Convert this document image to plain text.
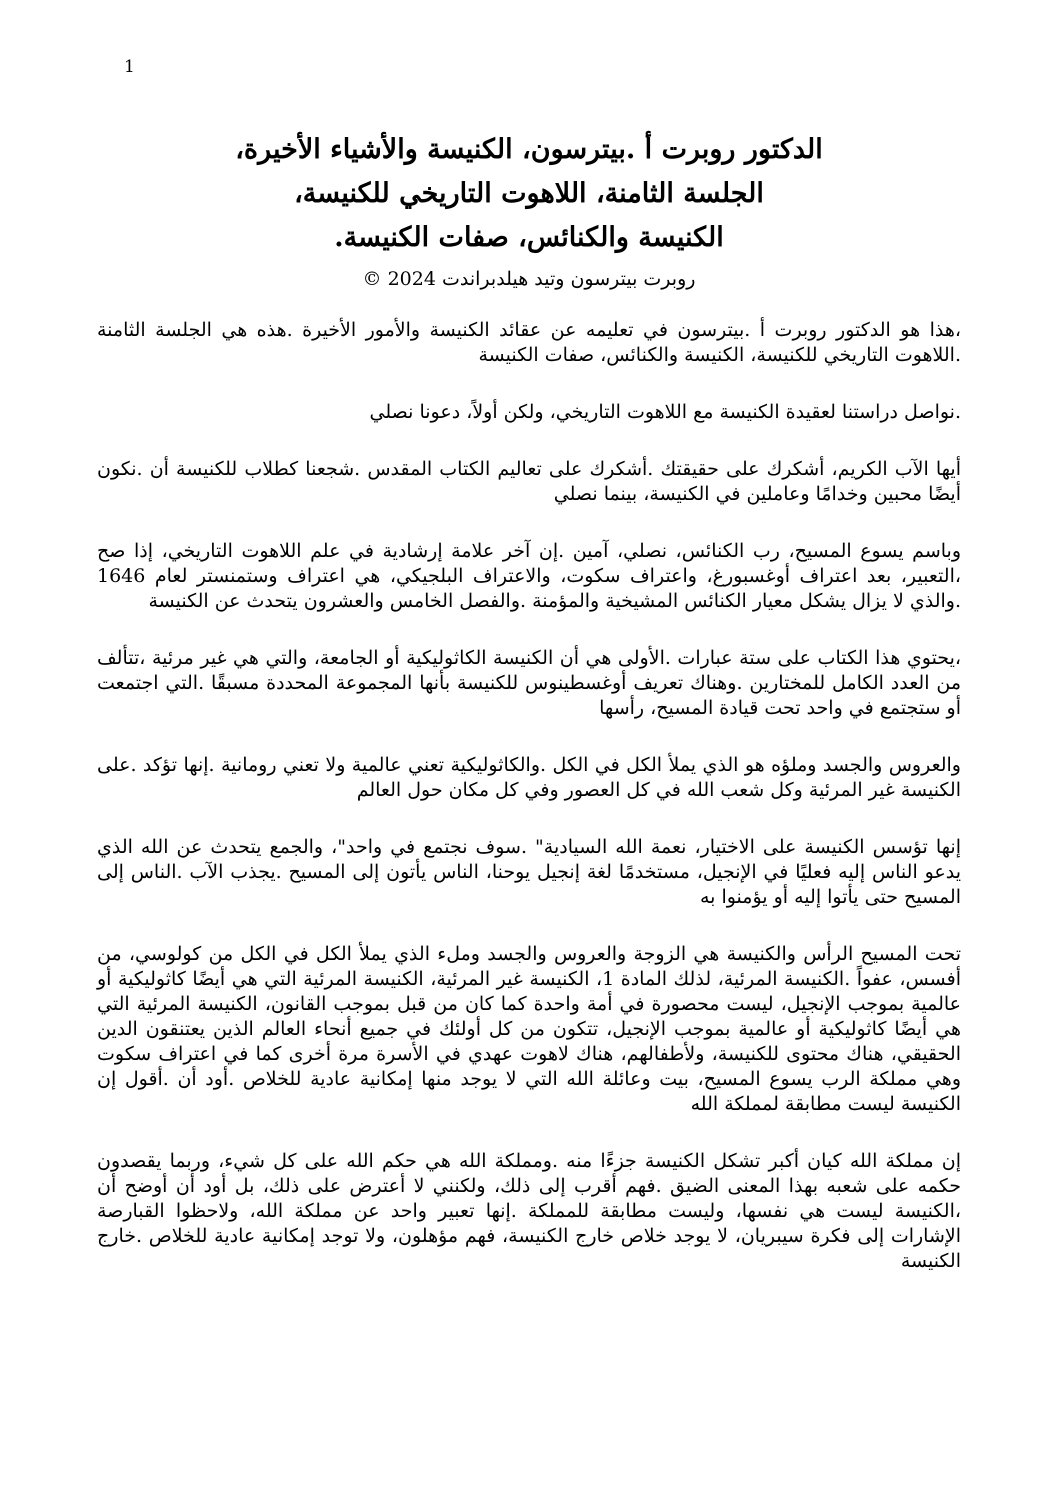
1
الدكتور روبرت أ .بيترسون، الكنيسة والأشياء الأخيرة،
الجلسة الثامنة، اللاهوت التاريخي للكنيسة،
الكنيسة والكنائس، صفات الكنيسة.
روبرت بيترسون وتيد هيلدبراندت 2024 ©

،هذا هو الدكتور روبرت أ .بيترسون في تعليمه عن عقائد الكنيسة والأمور الأخيرة .هذه هي الجلسة الثامنة .اللاهوت التاريخي للكنيسة، الكنيسة والكنائس، صفات الكنيسة

.نواصل دراستنا لعقيدة الكنيسة مع اللاهوت التاريخي، ولكن أولاً، دعونا نصلي

أيها الآب الكريم، أشكرك على حقيقتك .أشكرك على تعاليم الكتاب المقدس .شجعنا كطلاب للكنيسة أن .نكون أيضًا محبين وخدامًا وعاملين في الكنيسة، بينما نصلي

وباسم يسوع المسيح، رب الكنائس، نصلي، آمين .إن آخر علامة إرشادية في علم اللاهوت التاريخي، إذا صح ،التعبير، بعد اعتراف أوغسبورغ، واعتراف سكوت، والاعتراف البلجيكي، هي اعتراف وستمنستر لعام 1646 .والذي لا يزال يشكل معيار الكنائس المشيخية والمؤمنة .والفصل الخامس والعشرون يتحدث عن الكنيسة

،يحتوي هذا الكتاب على ستة عبارات .الأولى هي أن الكنيسة الكاثوليكية أو الجامعة، والتي هي غير مرئية ،تتألف من العدد الكامل للمختارين .وهناك تعريف أوغسطينوس للكنيسة بأنها المجموعة المحددة مسبقًا .التي اجتمعت أو ستجتمع في واحد تحت قيادة المسيح، رأسها

والعروس والجسد وملؤه هو الذي يملأ الكل في الكل .والكاثوليكية تعني عالمية ولا تعني رومانية .إنها تؤكد .على الكنيسة غير المرئية وكل شعب الله في كل العصور وفي كل مكان حول العالم

إنها تؤسس الكنيسة على الاختيار، نعمة الله السيادية" .سوف نجتمع في واحد"، والجمع يتحدث عن الله الذي يدعو الناس إليه فعليًا في الإنجيل، مستخدمًا لغة إنجيل يوحنا، الناس يأتون إلى المسيح .يجذب الآب .الناس إلى المسيح حتى يأتوا إليه أو يؤمنوا به

تحت المسيح الرأس والكنيسة هي الزوجة والعروس والجسد وملء الذي يملأ الكل في الكل من كولوسي، من أفسس، عفواً .الكنيسة المرئية، لذلك المادة 1، الكنيسة غير المرئية، الكنيسة المرئية التي هي أيضًا كاثوليكية أو عالمية بموجب الإنجيل، ليست محصورة في أمة واحدة كما كان من قبل بموجب القانون، الكنيسة المرئية التي هي أيضًا كاثوليكية أو عالمية بموجب الإنجيل، تتكون من كل أولئك في جميع أنحاء العالم الذين يعتنقون الدين الحقيقي، هناك محتوى للكنيسة، ولأطفالهم، هناك لاهوت عهدي في الأسرة مرة أخرى كما في اعتراف سكوت وهي مملكة الرب يسوع المسيح، بيت وعائلة الله التي لا يوجد منها إمكانية عادية للخلاص .أود أن .أقول إن الكنيسة ليست مطابقة لمملكة الله

إن مملكة الله كيان أكبر تشكل الكنيسة جزءًا منه .ومملكة الله هي حكم الله على كل شيء، وربما يقصدون حكمه على شعبه بهذا المعنى الضيق .فهم أقرب إلى ذلك، ولكنني لا أعترض على ذلك، بل أود أن أوضح أن ،الكنيسة ليست هي نفسها، وليست مطابقة للمملكة .إنها تعبير واحد عن مملكة الله، ولاحظوا القبارصة الإشارات إلى فكرة سيبريان، لا يوجد خلاص خارج الكنيسة، فهم مؤهلون، ولا توجد إمكانية عادية للخلاص .خارج الكنيسة
